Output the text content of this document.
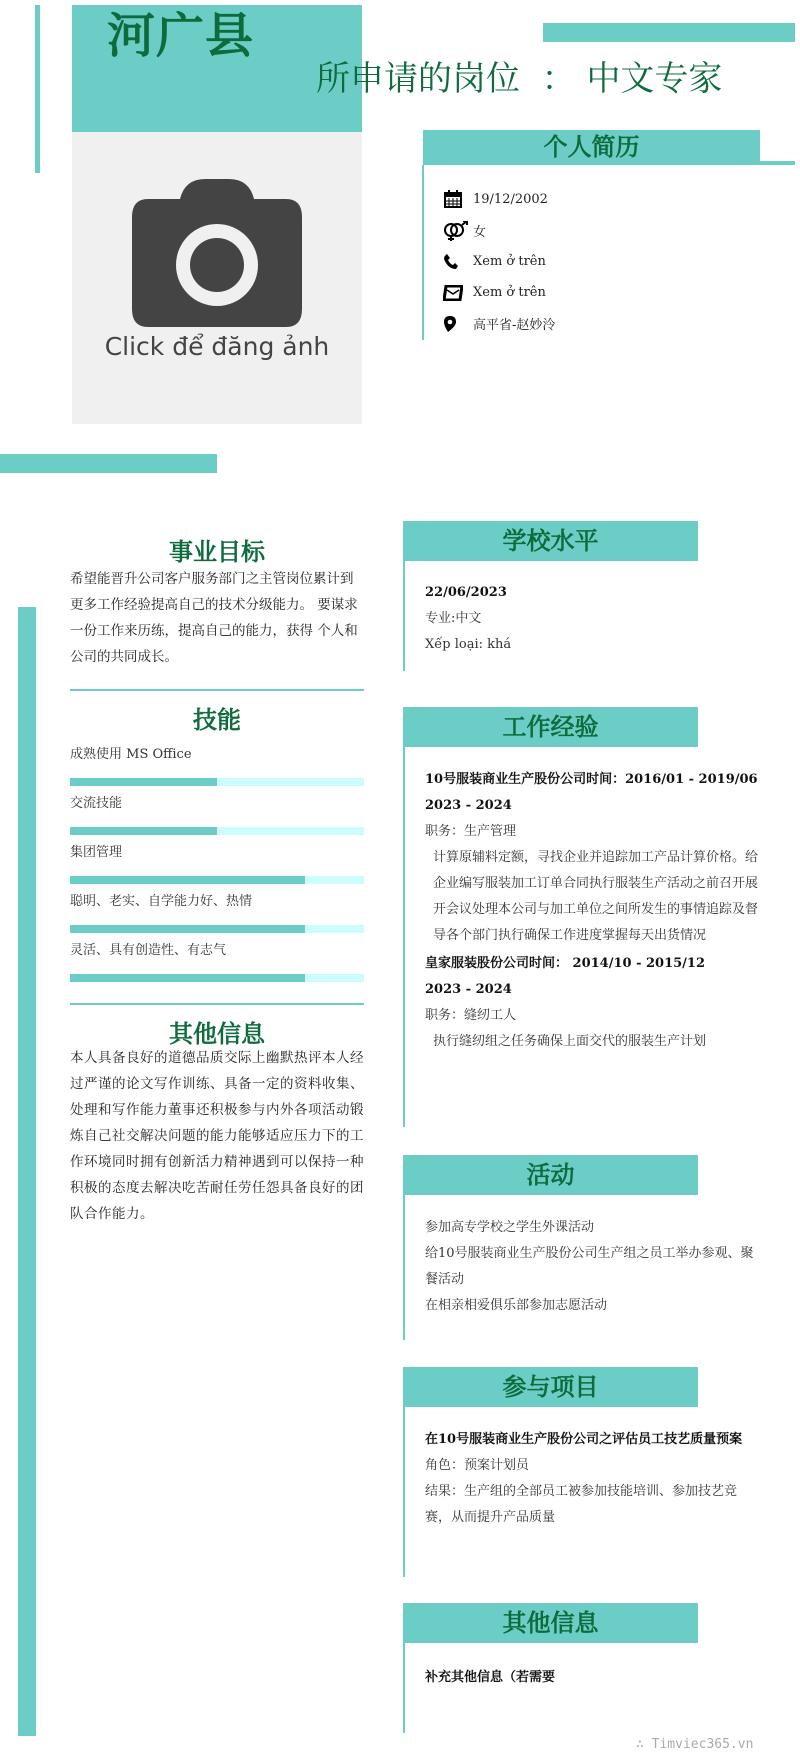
河广县
所申请的岗位 ： 中文专家
Click để đăng ảnh
个人简历
19/12/2002
女
Xem ở trên
Xem ở trên
高平省-赵妙泠
事业目标
希望能晋升公司客户服务部门之主管岗位累计到更多工作经验提高自己的技术分级能力。 要谋求一份工作来历练，提高自己的能力，获得 个人和公司的共同成长。
技能
成熟使用 MS Office
交流技能
集团管理
聪明、老实、自学能力好、热情
灵活、具有创造性、有志气
其他信息
本人具备良好的道德品质交际上幽默热评本人经 过严谨的论文写作训练、具备一定的资料收集、 处理和写作能力董事还积极参与内外各项活动锻 炼自己社交解决问题的能力能够适应压力下的工 作环境同时拥有创新活力精神遇到可以保持一种 积极的态度去解决吃苦耐任劳任怨具备良好的团 队合作能力。
学校水平
22/06/2023
专业:中文
Xếp loại: khá
工作经验
10号服装商业生产股份公司时间：2016/01 - 2019/06
2023 - 2024
职务：生产管理
计算原辅料定额，寻找企业并追踪加工产品计算价格。给企业编写服装加工订单合同执行服装生产活动之前召开展开会议处理本公司与加工单位之间所发生的事情追踪及督导各个部门执行确保工作进度掌握每天出货情况
皇家服装股份公司时间： 2014/10 - 2015/12
2023 - 2024
职务：缝纫工人
执行缝纫组之任务确保上面交代的服装生产计划
活动
参加高专学校之学生外课活动
给10号服装商业生产股份公司生产组之员工举办参观、聚餐活动
在相亲相爱俱乐部参加志愿活动
参与项目
在10号服装商业生产股份公司之评估员工技艺质量预案
角色：预案计划员
结果：生产组的全部员工被参加技能培训、参加技艺竞赛，从而提升产品质量
其他信息
补充其他信息（若需要
∴ Timviec365.vn
